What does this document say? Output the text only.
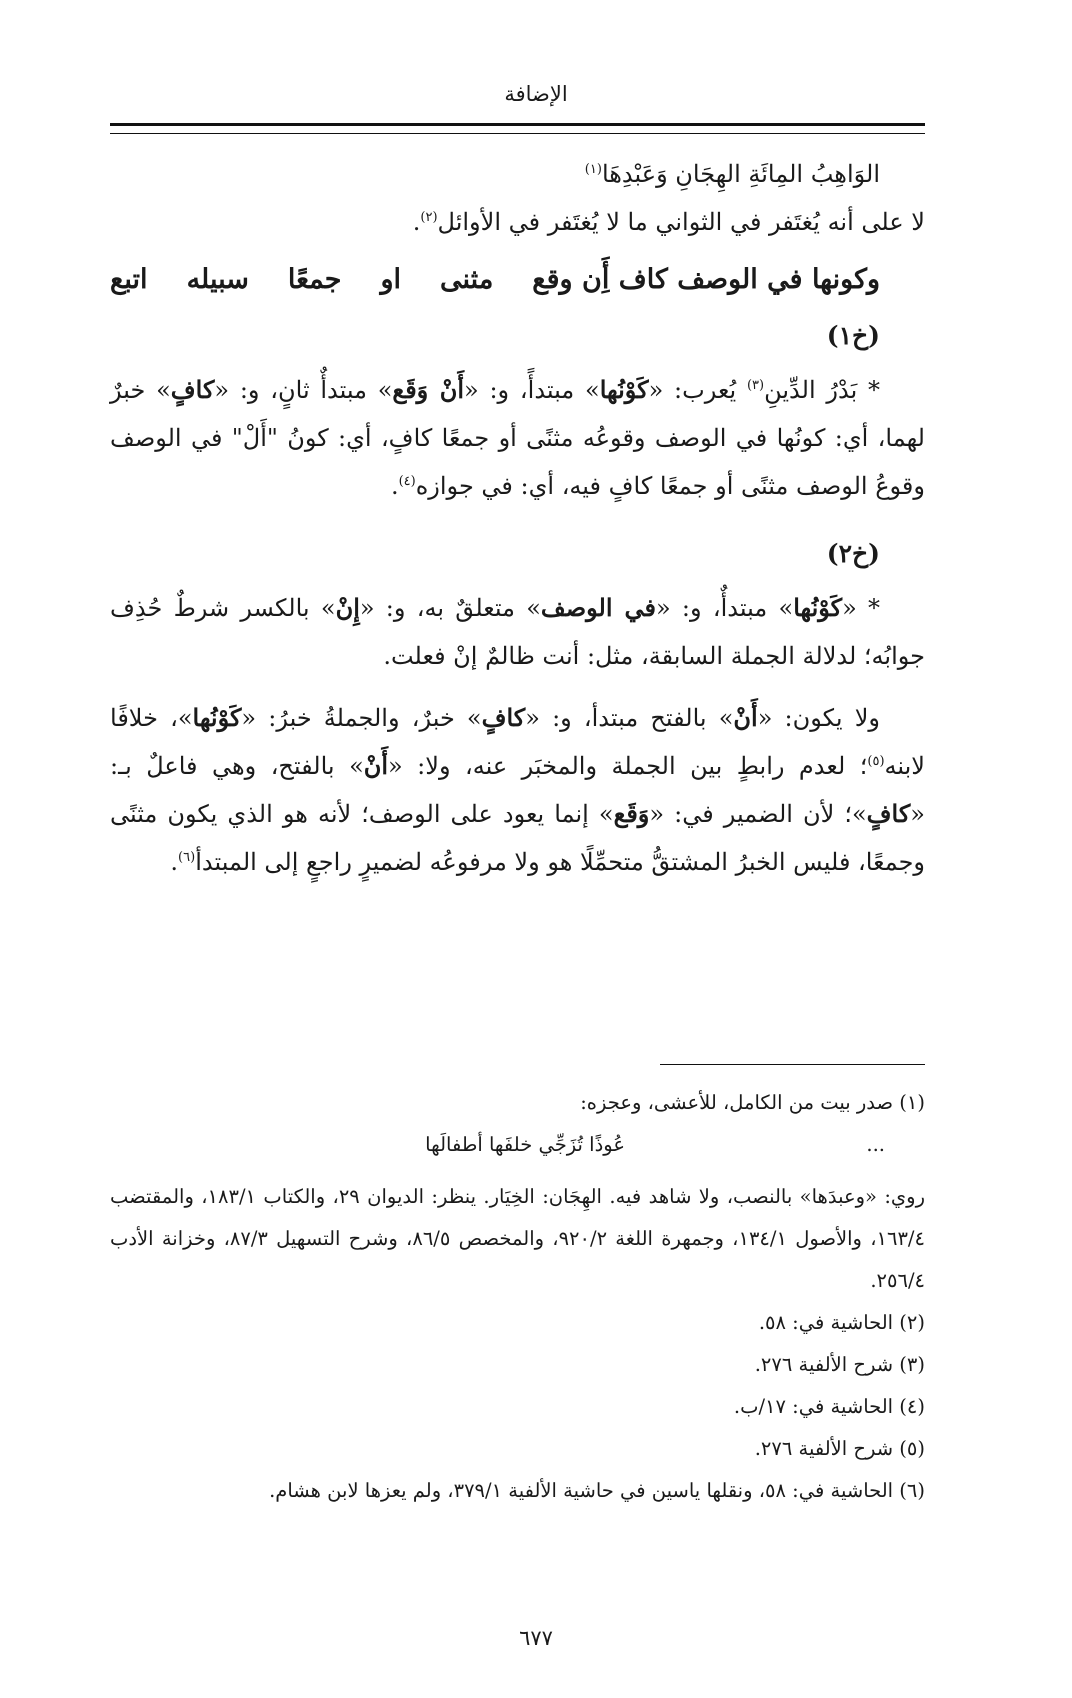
الإضافة

الوَاهِبُ المِائَةِ الهِجَانِ وَعَبْدِهَا$^{(١)}$

لا على أنه يُغتَفر في الثواني ما لا يُغتَفر في الأوائل$^{(٢)}$.

وكونها في الوصف كاف أَِن وقع
مثنى
او
جمعًا
سبيله
اتبع
(خ١)

* بَدْرُ الدِّينِ$^{(٣)}$ يُعرب: «كَوْنُها» مبتدأً، و: «أَنْ وَقَع» مبتدأٌ ثانٍ، و: «كافٍ» خبرٌ لهما، أي: كونُها في الوصف وقوعُه مثنًى أو جمعًا كافٍ، أي: كونُ "أَلْ" في الوصف وقوعُ الوصف مثنًى أو جمعًا كافٍ فيه، أي: في جوازه$^{(٤)}$.

(خ٢)

* «كَوْنُها» مبتدأٌ، و: «في الوصف» متعلقٌ به، و: «إِنْ» بالكسر شرطٌ حُذِف جوابُه؛ لدلالة الجملة السابقة، مثل: أنت ظالمٌ إنْ فعلت.

ولا يكون: «أَنْ» بالفتح مبتدأ، و: «كافٍ» خبرٌ، والجملةُ خبرُ: «كَوْنُها»، خلافًا لابنه$^{(٥)}$؛ لعدم رابطٍ بين الجملة والمخبَر عنه، ولا: «أَنْ» بالفتح، وهي فاعلٌ بـ: «كافٍ»؛ لأن الضمير في: «وَقَع» إنما يعود على الوصف؛ لأنه هو الذي يكون مثنًى وجمعًا، فليس الخبرُ المشتقُّ متحمِّلًا هو ولا مرفوعُه لضميرٍ راجعٍ إلى المبتدأ$^{(٦)}$.

(١) صدر بيت من الكامل، للأعشى، وعجزه:

...
عُوذًا تُزَجِّي خلفَها أطفالَها

روي: «وعبدَها» بالنصب، ولا شاهد فيه. الهِجَان: الخِيَار. ينظر: الديوان ٢٩، والكتاب ١٨٣/١، والمقتضب ١٦٣/٤، والأصول ١٣٤/١، وجمهرة اللغة ٩٢٠/٢، والمخصص ٨٦/٥، وشرح التسهيل ٨٧/٣، وخزانة الأدب ٢٥٦/٤.

(٢) الحاشية في: ٥٨.

(٣) شرح الألفية ٢٧٦.

(٤) الحاشية في: ١٧/ب.

(٥) شرح الألفية ٢٧٦.

(٦) الحاشية في: ٥٨، ونقلها ياسين في حاشية الألفية ٣٧٩/١، ولم يعزها لابن هشام.

٦٧٧
